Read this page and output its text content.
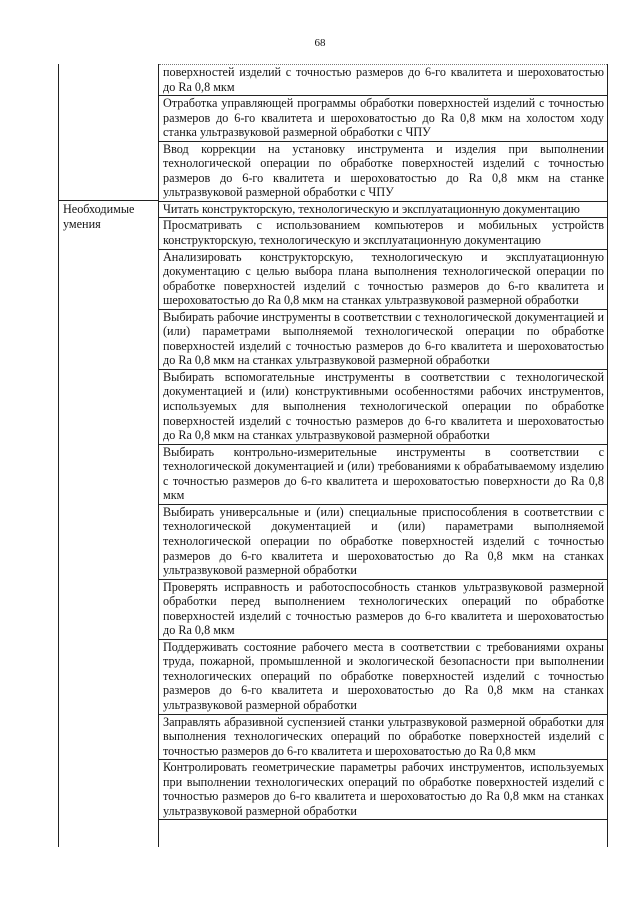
68
Необходимые умения
поверхностей изделий с точностью размеров до 6-го квалитета и шероховатостью до Ra 0,8 мкм
Отработка управляющей программы обработки поверхностей изделий с точностью размеров до 6-го квалитета и шероховатостью до Ra 0,8 мкм на холостом ходу станка ультразвуковой размерной обработки с ЧПУ
Ввод коррекции на установку инструмента и изделия при выполнении технологической операции по обработке поверхностей изделий с точностью размеров до 6-го квалитета и шероховатостью до Ra 0,8 мкм на станке ультразвуковой размерной обработки с ЧПУ
Читать конструкторскую, технологическую и эксплуатационную документацию
Просматривать с использованием компьютеров и мобильных устройств конструкторскую, технологическую и эксплуатационную документацию
Анализировать конструкторскую, технологическую и эксплуатационную документацию с целью выбора плана выполнения технологической операции по обработке поверхностей изделий с точностью размеров до 6-го квалитета и шероховатостью до Ra 0,8 мкм на станках ультразвуковой размерной обработки
Выбирать рабочие инструменты в соответствии с технологической документацией и (или) параметрами выполняемой технологической операции по обработке поверхностей изделий с точностью размеров до 6-го квалитета и шероховатостью до Ra 0,8 мкм на станках ультразвуковой размерной обработки
Выбирать вспомогательные инструменты в соответствии с технологической документацией и (или) конструктивными особенностями рабочих инструментов, используемых для выполнения технологической операции по обработке поверхностей изделий с точностью размеров до 6-го квалитета и шероховатостью до Ra 0,8 мкм на станках ультразвуковой размерной обработки
Выбирать контрольно-измерительные инструменты в соответствии с технологической документацией и (или) требованиями к обрабатываемому изделию с точностью размеров до 6-го квалитета и шероховатостью поверхности до Ra 0,8 мкм
Выбирать универсальные и (или) специальные приспособления в соответствии с технологической документацией и (или) параметрами выполняемой технологической операции по обработке поверхностей изделий с точностью размеров до 6-го квалитета и шероховатостью до Ra 0,8 мкм на станках ультразвуковой размерной обработки
Проверять исправность и работоспособность станков ультразвуковой размерной обработки перед выполнением технологических операций по обработке поверхностей изделий с точностью размеров до 6-го квалитета и шероховатостью до Ra 0,8 мкм
Поддерживать состояние рабочего места в соответствии с требованиями охраны труда, пожарной, промышленной и экологической безопасности при выполнении технологических операций по обработке поверхностей изделий с точностью размеров до 6-го квалитета и шероховатостью до Ra 0,8 мкм на станках ультразвуковой размерной обработки
Заправлять абразивной суспензией станки ультразвуковой размерной обработки для выполнения технологических операций по обработке поверхностей изделий с точностью размеров до 6-го квалитета и шероховатостью до Ra 0,8 мкм
Контролировать геометрические параметры рабочих инструментов, используемых при выполнении технологических операций по обработке поверхностей изделий с точностью размеров до 6-го квалитета и шероховатостью до Ra 0,8 мкм на станках ультразвуковой размерной обработки
